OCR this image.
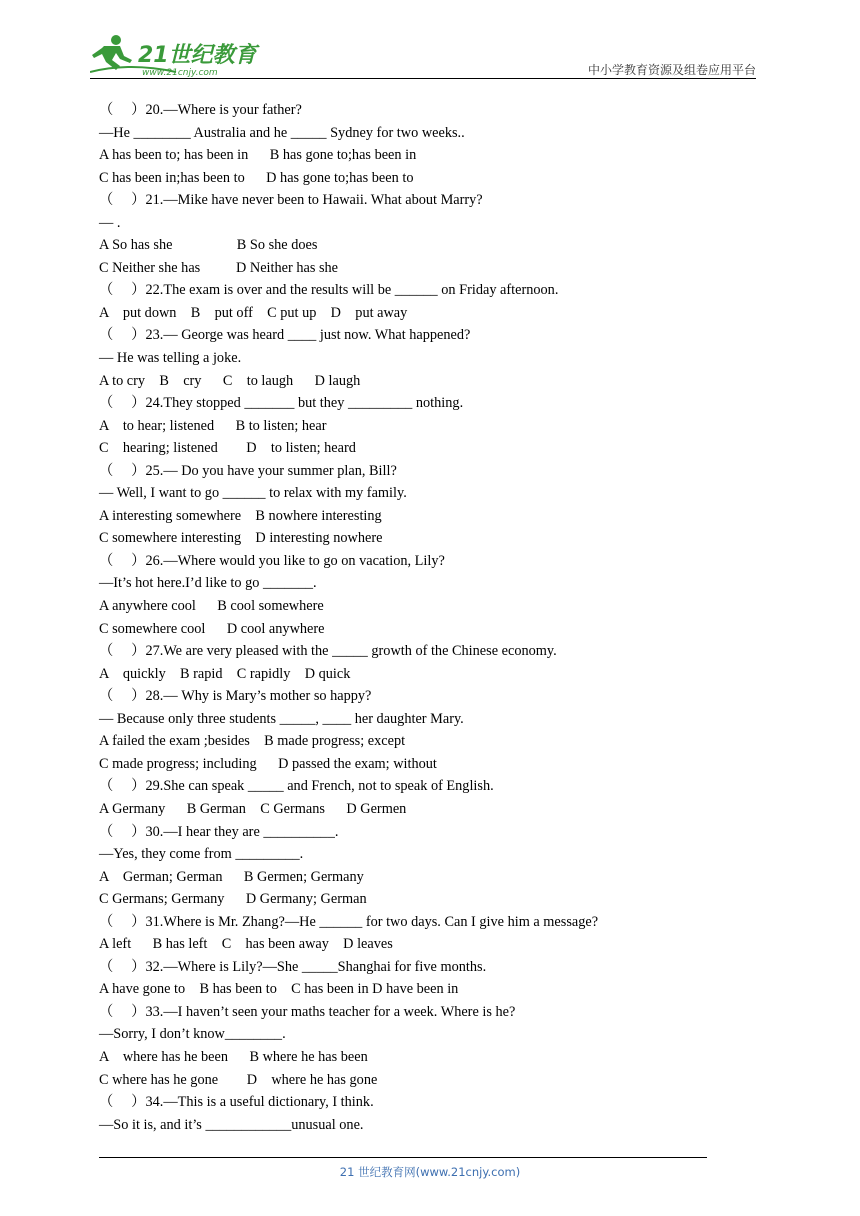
21世纪教育
www.21cnjy.com	中小学教育资源及组卷应用平台
（　 ）20.—Where is your father?
—He ________ Australia and he _____ Sydney for two weeks..
A has been to; has been in      B has gone to;has been in
C has been in;has been to      D has gone to;has been to
（　 ）21.—Mike have never been to Hawaii. What about Marry?
— .
A So has she                  B So she does
C Neither she has          D Neither has she
（　 ）22.The exam is over and the results will be ______ on Friday afternoon.
A    put down    B    put off    C put up    D    put away
（　 ）23.— George was heard ____ just now. What happened?
— He was telling a joke.
A to cry    B    cry      C    to laugh      D laugh
（　 ）24.They stopped _______ but they _________ nothing.
A    to hear; listened      B to listen; hear
C    hearing; listened        D    to listen; heard
（　 ）25.— Do you have your summer plan, Bill?
— Well, I want to go ______ to relax with my family.
A interesting somewhere    B nowhere interesting
C somewhere interesting    D interesting nowhere
（　 ）26.—Where would you like to go on vacation, Lily?
—It’s hot here.I’d like to go _______.
A anywhere cool      B cool somewhere
C somewhere cool      D cool anywhere
（　 ）27.We are very pleased with the _____ growth of the Chinese economy.
A    quickly    B rapid    C rapidly    D quick
（　 ）28.— Why is Mary’s mother so happy?
— Because only three students _____, ____ her daughter Mary.
A failed the exam ;besides    B made progress; except
C made progress; including      D passed the exam; without
（　 ）29.She can speak _____ and French, not to speak of English.
A Germany      B German    C Germans      D Germen
（　 ）30.—I hear they are __________.
—Yes, they come from _________.
A    German; German      B Germen; Germany
C Germans; Germany      D Germany; German
（　 ）31.Where is Mr. Zhang?—He ______ for two days. Can I give him a message?
A left      B has left    C    has been away    D leaves
（　 ）32.—Where is Lily?—She _____Shanghai for five months.
A have gone to    B has been to    C has been in D have been in
（　 ）33.—I haven’t seen your maths teacher for a week. Where is he?
—Sorry, I don’t know________.
A    where has he been      B where he has been
C where has he gone        D    where he has gone
（　 ）34.—This is a useful dictionary, I think.
—So it is, and it’s ____________unusual one.
21 世纪教育网(www.21cnjy.com)
